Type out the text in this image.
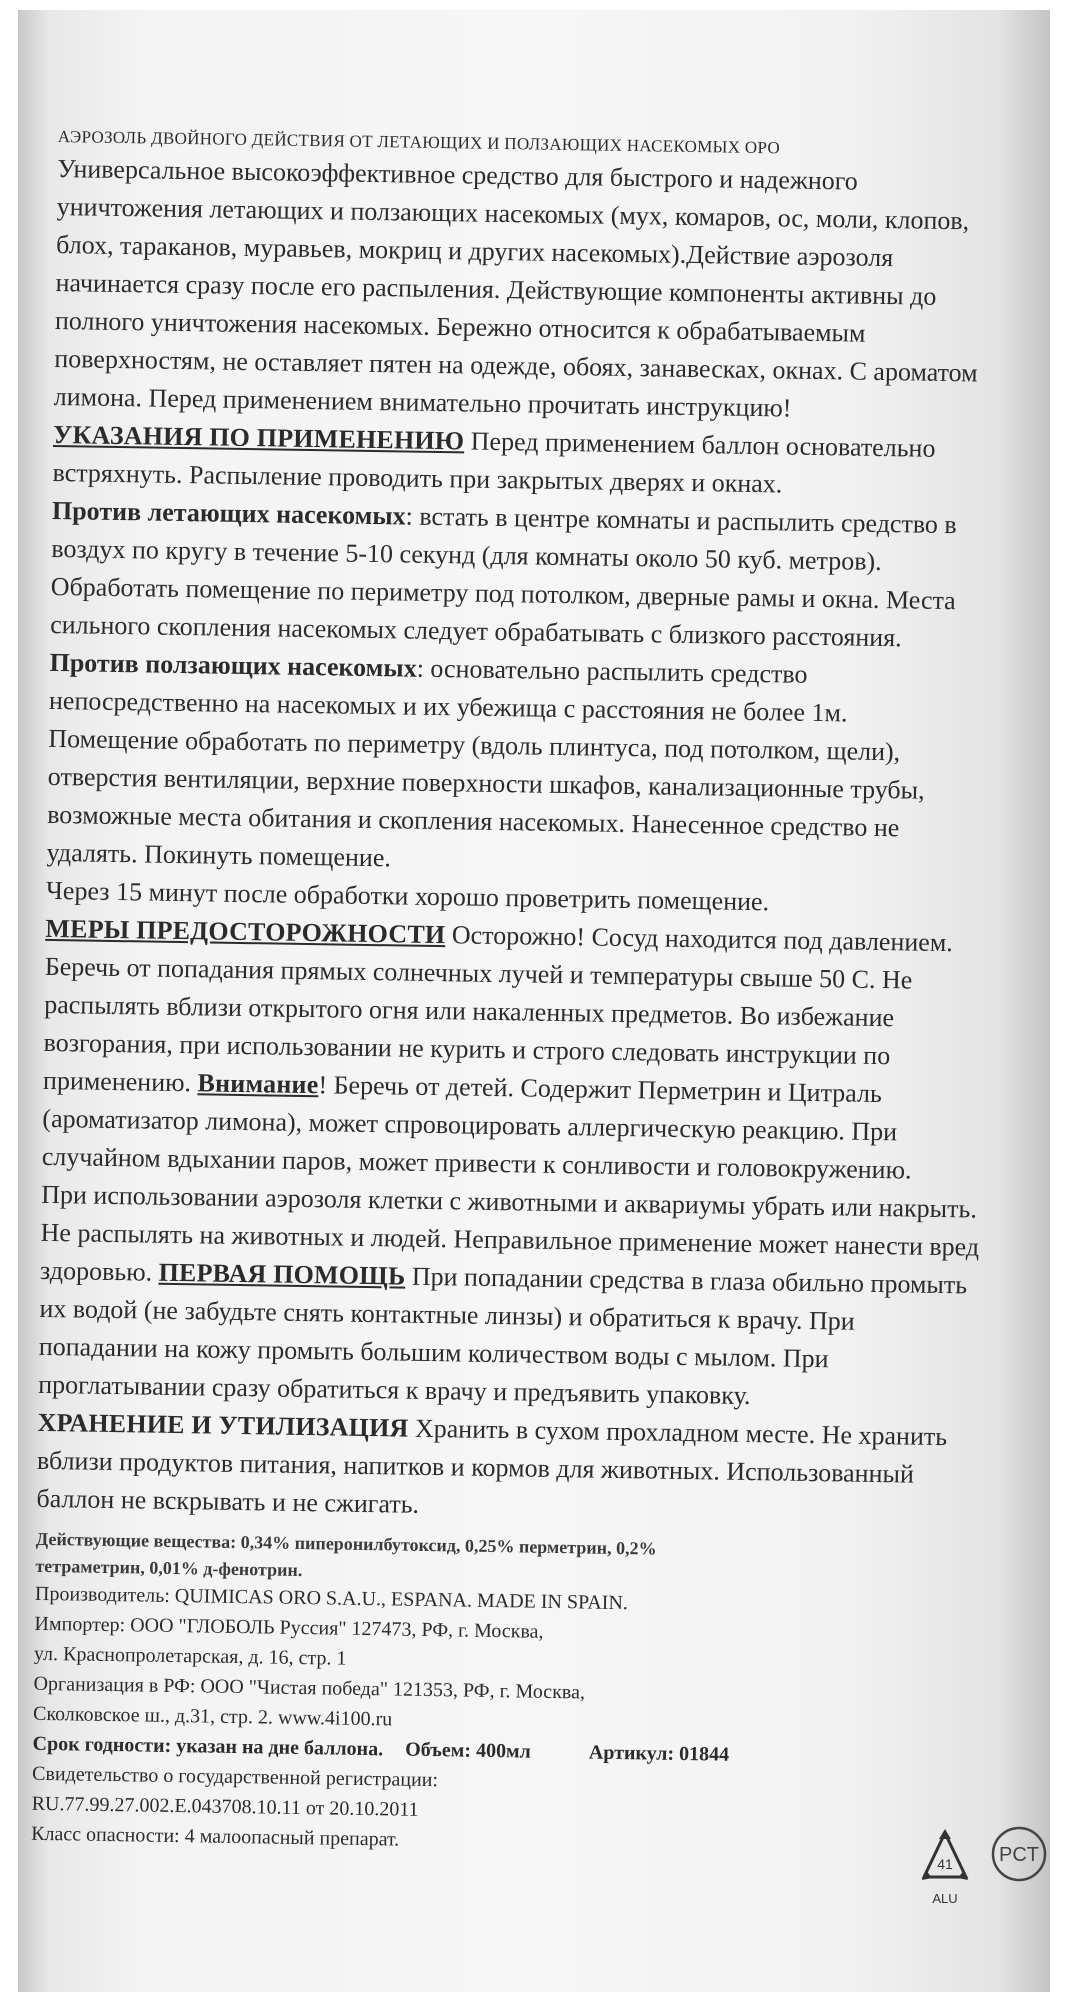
АЭРОЗОЛЬ ДВОЙНОГО ДЕЙСТВИЯ ОТ ЛЕТАЮЩИХ И ПОЛЗАЮЩИХ НАСЕКОМЫХ ОРО

Универсальное высокоэффективное средство для быстрого и надежного

уничтожения летающих и ползающих насекомых (мух, комаров, ос, моли, клопов,

блох, тараканов, муравьев, мокриц и других насекомых).Действие аэрозоля

начинается сразу после его распыления. Действующие компоненты активны до

полного уничтожения насекомых. Бережно относится к обрабатываемым

поверхностям, не оставляет пятен на одежде, обоях, занавесках, окнах. С ароматом

лимона. Перед применением внимательно прочитать инструкцию!

УКАЗАНИЯ ПО ПРИМЕНЕНИЮ Перед применением баллон основательно

встряхнуть. Распыление проводить при закрытых дверях и окнах.

Против летающих насекомых: встать в центре комнаты и распылить средство в

воздух по кругу в течение 5-10 секунд (для комнаты около 50 куб. метров).

Обработать помещение по периметру под потолком, дверные рамы и окна. Места

сильного скопления насекомых следует обрабатывать с близкого расстояния.

Против ползающих насекомых: основательно распылить средство

непосредственно на насекомых и их убежища с расстояния не более 1м.

Помещение обработать по периметру (вдоль плинтуса, под потолком, щели),

отверстия вентиляции, верхние поверхности шкафов, канализационные трубы,

возможные места обитания и скопления насекомых. Нанесенное средство не

удалять. Покинуть помещение.

Через 15 минут после обработки хорошо проветрить помещение.

МЕРЫ ПРЕДОСТОРОЖНОСТИ Осторожно! Сосуд находится под давлением.

Беречь от попадания прямых солнечных лучей и температуры свыше 50 С. Не

распылять вблизи открытого огня или накаленных предметов. Во избежание

возгорания, при использовании не курить и строго следовать инструкции по

применению. Внимание! Беречь от детей. Содержит Перметрин и Цитраль

(ароматизатор лимона), может спровоцировать аллергическую реакцию. При

случайном вдыхании паров, может привести к сонливости и головокружению.

При использовании аэрозоля клетки с животными и аквариумы убрать или накрыть.

Не распылять на животных и людей. Неправильное применение может нанести вред

здоровью. ПЕРВАЯ ПОМОЩЬ При попадании средства в глаза обильно промыть

их водой (не забудьте снять контактные линзы) и обратиться к врачу. При

попадании на кожу промыть большим количеством воды с мылом. При

проглатывании сразу обратиться к врачу и предъявить упаковку.

ХРАНЕНИЕ И УТИЛИЗАЦИЯ Хранить в сухом прохладном месте. Не хранить

вблизи продуктов питания, напитков и кормов для животных. Использованный

баллон не вскрывать и не сжигать.

Действующие вещества: 0,34% пиперонилбутоксид, 0,25% перметрин, 0,2%

тетраметрин, 0,01% д-фенотрин.

Производитель: QUIMICAS ORO S.A.U., ESPANA. MADE IN SPAIN.

Импортер: ООО "ГЛОБОЛЬ Руссия" 127473, РФ, г. Москва,

ул. Краснопролетарская, д. 16, стр. 1

Организация в РФ: ООО "Чистая победа" 121353, РФ, г. Москва,

Сколковское ш., д.31, стр. 2. www.4i100.ru

Срок годности: указан на дне баллона. Объем: 400мл	Артикул: 01844

Свидетельство о государственной регистрации:

RU.77.99.27.002.Е.043708.10.11 от 20.10.2011

Класс опасности: 4 малоопасный препарат.

41
ALU
PCT
